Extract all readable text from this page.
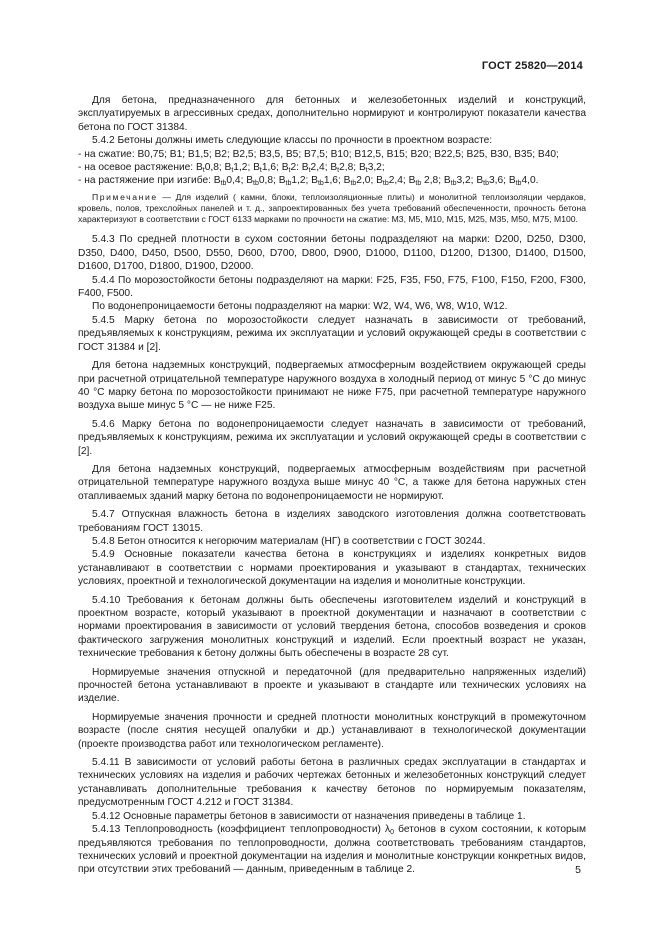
ГОСТ 25820—2014

Для бетона, предназначенного для бетонных и железобетонных изделий и конструкций, эксплуатируемых в агрессивных средах, дополнительно нормируют и контролируют показатели качества бетона по ГОСТ 31384.

5.4.2 Бетоны должны иметь следующие классы по прочности в проектном возрасте:

- на сжатие: B0,75; B1; B1,5; B2; B2,5; B3,5, B5; B7,5; B10; B12,5, B15; B20; B22,5; B25, B30, B35; B40;

- на осевое растяжение: $B_t0,8$; $B_t1,2$; $B_t1,6$; $B_t2$: $B_t2,4$; $B_t2,8$; $B_t3,2$;

- на растяжение при изгибе: $B_{tb}0,4$; $B_{tb}0,8$; $B_{tb}1,2$; $B_{tb}1,6$; $B_{tb}2,0$; $B_{tb}2,4$; $B_{tb}$ 2,8; $B_{tb}3,2$; $B_{tb}3,6$; $B_{tb}4,0$.

Примечание — Для изделий ( камни, блоки, теплоизоляционные плиты) и монолитной теплоизоляции чердаков, кровель, полов, трехслойных панелей и т. д., запроектированных без учета требований обеспеченности, прочность бетона характеризуют в соответствии с ГОСТ 6133 марками по прочности на сжатие: M3, M5, M10, M15, M25, M35, M50, M75, M100.

5.4.3 По средней плотности в сухом состоянии бетоны подразделяют на марки: D200, D250, D300, D350, D400, D450, D500, D550, D600, D700, D800, D900, D1000, D1100, D1200, D1300, D1400, D1500, D1600, D1700, D1800, D1900, D2000.

5.4.4 По морозостойкости бетоны подразделяют на марки: F25, F35, F50, F75, F100, F150, F200, F300, F400, F500.

По водонепроницаемости бетоны подразделяют на марки: W2, W4, W6, W8, W10, W12.

5.4.5 Марку бетона по морозостойкости следует назначать в зависимости от требований, предъявляемых к конструкциям, режима их эксплуатации и условий окружающей среды в соответствии с ГОСТ 31384 и [2].

Для бетона надземных конструкций, подвергаемых атмосферным воздействием окружающей среды при расчетной отрицательной температуре наружного воздуха в холодный период от минус 5 °С до минус 40 °С марку бетона по морозостойкости принимают не ниже F75, при расчетной температуре наружного воздуха выше минус 5 °С — не ниже F25.

5.4.6 Марку бетона по водонепроницаемости следует назначать в зависимости от требований, предъявляемых к конструкциям, режима их эксплуатации и условий окружающей среды в соответствии с [2].

Для бетона надземных конструкций, подвергаемых атмосферным воздействиям при расчетной отрицательной температуре наружного воздуха выше минус 40 °С, а также для бетона наружных стен отапливаемых зданий марку бетона по водонепроницаемости не нормируют.

5.4.7 Отпускная влажность бетона в изделиях заводского изготовления должна соответствовать требованиям ГОСТ 13015.

5.4.8 Бетон относится к негорючим материалам (НГ) в соответствии с ГОСТ 30244.

5.4.9 Основные показатели качества бетона в конструкциях и изделиях конкретных видов устанавливают в соответствии с нормами проектирования и указывают в стандартах, технических условиях, проектной и технологической документации на изделия и монолитные конструкции.

5.4.10 Требования к бетонам должны быть обеспечены изготовителем изделий и конструкций в проектном возрасте, который указывают в проектной документации и назначают в соответствии с нормами проектирования в зависимости от условий твердения бетона, способов возведения и сроков фактического загружения монолитных конструкций и изделий. Если проектный возраст не указан, технические требования к бетону должны быть обеспечены в возрасте 28 сут.

Нормируемые значения отпускной и передаточной (для предварительно напряженных изделий) прочностей бетона устанавливают в проекте и указывают в стандарте или технических условиях на изделие.

Нормируемые значения прочности и средней плотности монолитных конструкций в промежуточном возрасте (после снятия несущей опалубки и др.) устанавливают в технологической документации (проекте производства работ или технологическом регламенте).

5.4.11 В зависимости от условий работы бетона в различных средах эксплуатации в стандартах и технических условиях на изделия и рабочих чертежах бетонных и железобетонных конструкций следует устанавливать дополнительные требования к качеству бетонов по нормируемым показателям, предусмотренным ГОСТ 4.212 и ГОСТ 31384.

5.4.12 Основные параметры бетонов в зависимости от назначения приведены в таблице 1.

5.4.13 Теплопроводность (коэффициент теплопроводности) $\lambda_0$ бетонов в сухом состоянии, к которым предъявляются требования по теплопроводности, должна соответствовать требованиям стандартов, технических условий и проектной документации на изделия и монолитные конструкции конкретных видов, при отсутствии этих требований — данным, приведенным в таблице 2.	5
